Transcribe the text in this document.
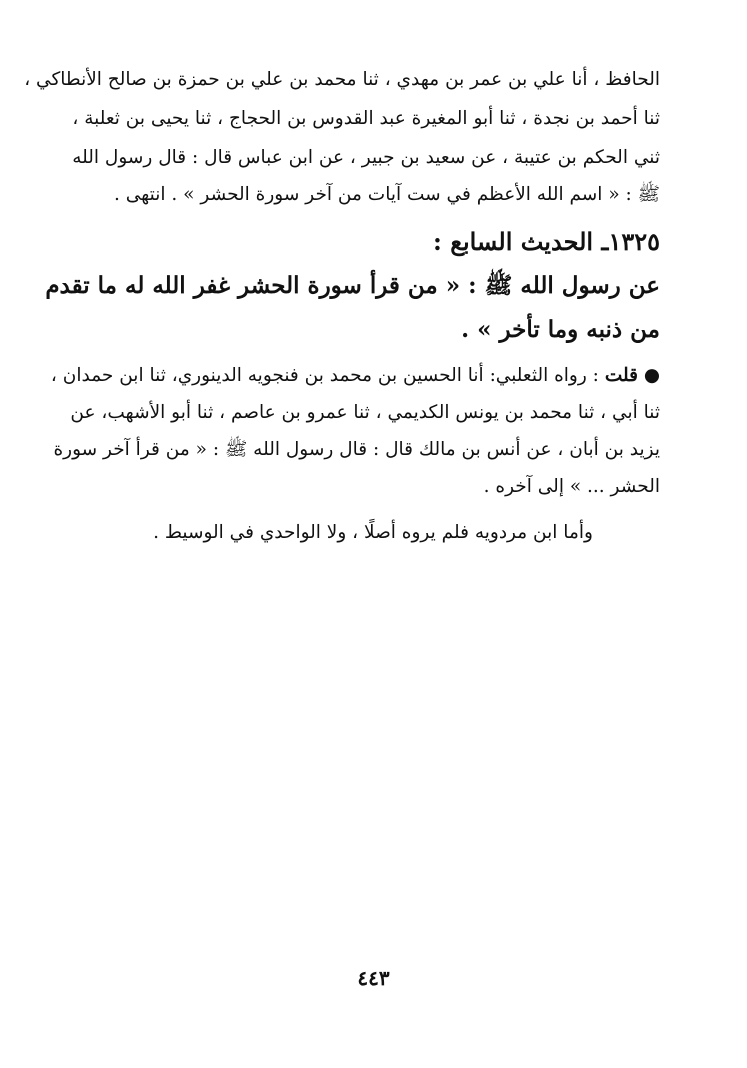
الحافظ ، أنا علي بن عمر بن مهدي ، ثنا محمد بن علي بن حمزة بن صالح الأنطاكي ،
ثنا أحمد بن نجدة ، ثنا أبو المغيرة عبد القدوس بن الحجاج ، ثنا يحيى بن ثعلبة ،
ثني الحكم بن عتيبة ، عن سعيد بن جبير ، عن ابن عباس قال : قال رسول الله
ﷺ : « اسم الله الأعظم في ست آيات من آخر سورة الحشر » . انتهى .
١٣٢٥ـ الحديث السابع :
عن رسول الله ﷺ : « من قرأ سورة الحشر غفر الله له ما تقدم
من ذنبه وما تأخر » .
● قلت : رواه الثعلبي: أنا الحسين بن محمد بن فنجويه الدينوري، ثنا ابن حمدان ،
ثنا أبي ، ثنا محمد بن يونس الكديمي ، ثنا عمرو بن عاصم ، ثنا أبو الأشهب، عن
يزيد بن أبان ، عن أنس بن مالك قال : قال رسول الله ﷺ : « من قرأ آخر سورة
الحشر ... » إلى آخره .
وأما ابن مردويه فلم يروه أصلًا ، ولا الواحدي في الوسيط .
٤٤٣
